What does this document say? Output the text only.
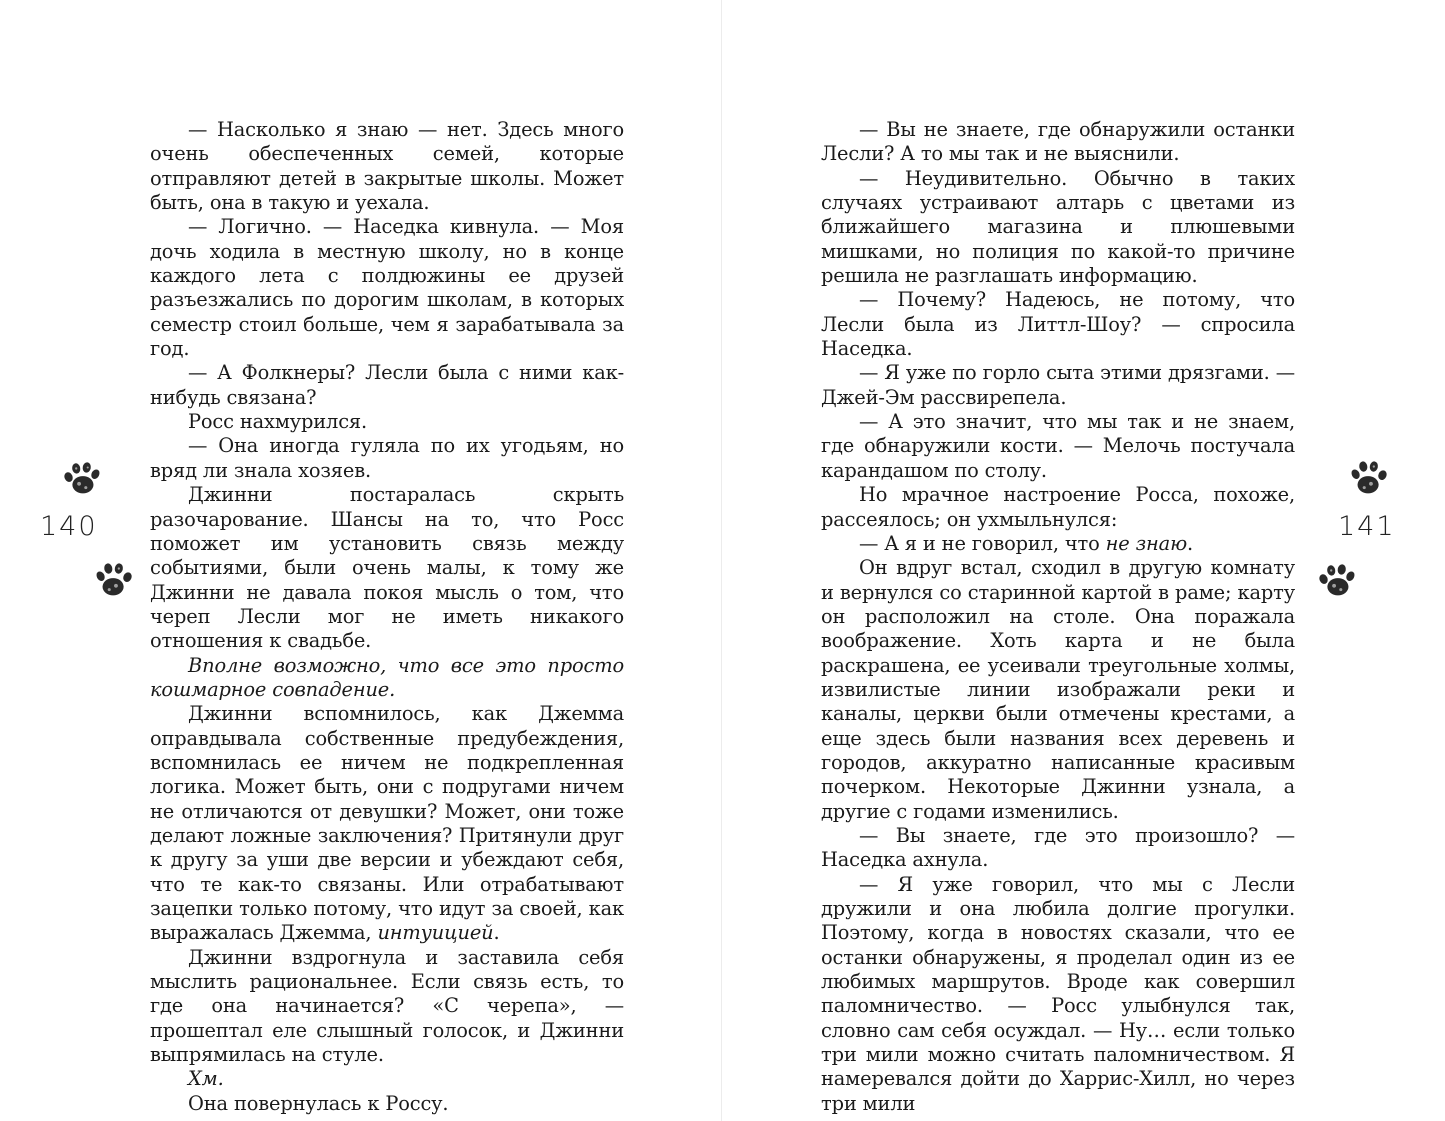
140

— Насколько я знаю — нет. Здесь много очень обеспеченных семей, которые отправляют детей в закрытые школы. Может быть, она в такую и уехала.

— Логично. — Наседка кивнула. — Моя дочь ходила в местную школу, но в конце каждого лета с полдюжины ее друзей разъезжались по дорогим школам, в которых семестр стоил больше, чем я зарабатывала за год.

— А Фолкнеры? Лесли была с ними как-нибудь связана?

Росс нахмурился.

— Она иногда гуляла по их угодьям, но вряд ли знала хозяев.

Джинни постаралась скрыть разочарование. Шансы на то, что Росс поможет им установить связь между событиями, были очень малы, к тому же Джинни не давала покоя мысль о том, что череп Лесли мог не иметь никакого отношения к свадьбе.

Вполне возможно, что все это просто кошмарное совпадение.

Джинни вспомнилось, как Джемма оправдывала собственные предубеждения, вспомнилась ее ничем не подкрепленная логика. Может быть, они с подругами ничем не отличаются от девушки? Может, они тоже делают ложные заключения? Притянули друг к другу за уши две версии и убеждают себя, что те как-то связаны. Или отрабатывают зацепки только потому, что идут за своей, как выражалась Джемма, интуицией.

Джинни вздрогнула и заставила себя мыслить рациональнее. Если связь есть, то где она начинается? «С черепа», — прошептал еле слышный голосок, и Джинни выпрямилась на стуле.

Хм.

Она повернулась к Россу.

— Вы не знаете, где обнаружили останки Лесли? А то мы так и не выяснили.

— Неудивительно. Обычно в таких случаях устраивают алтарь с цветами из ближайшего магазина и плюшевыми мишками, но полиция по какой-то причине решила не разглашать информацию.

— Почему? Надеюсь, не потому, что Лесли была из Литтл-Шоу? — спросила Наседка.

— Я уже по горло сыта этими дрязгами. — Джей-Эм рассвирепела.

— А это значит, что мы так и не знаем, где обнаружили кости. — Мелочь постучала карандашом по столу.

Но мрачное настроение Росса, похоже, рассеялось; он ухмыльнулся:

— А я и не говорил, что не знаю.

Он вдруг встал, сходил в другую комнату и вернулся со старинной картой в раме; карту он расположил на столе. Она поражала воображение. Хоть карта и не была раскрашена, ее усеивали треугольные холмы, извилистые линии изображали реки и каналы, церкви были отмечены крестами, а еще здесь были названия всех деревень и городов, аккуратно написанные красивым почерком. Некоторые Джинни узнала, а другие с годами изменились.

— Вы знаете, где это произошло? — Наседка ахнула.

— Я уже говорил, что мы с Лесли дружили и она любила долгие прогулки. Поэтому, когда в новостях сказали, что ее останки обнаружены, я проделал один из ее любимых маршрутов. Вроде как совершил паломничество. — Росс улыбнулся так, словно сам себя осуждал. — Ну… если только три мили можно считать паломничеством. Я намеревался дойти до Харрис-Хилл, но через три мили

141
